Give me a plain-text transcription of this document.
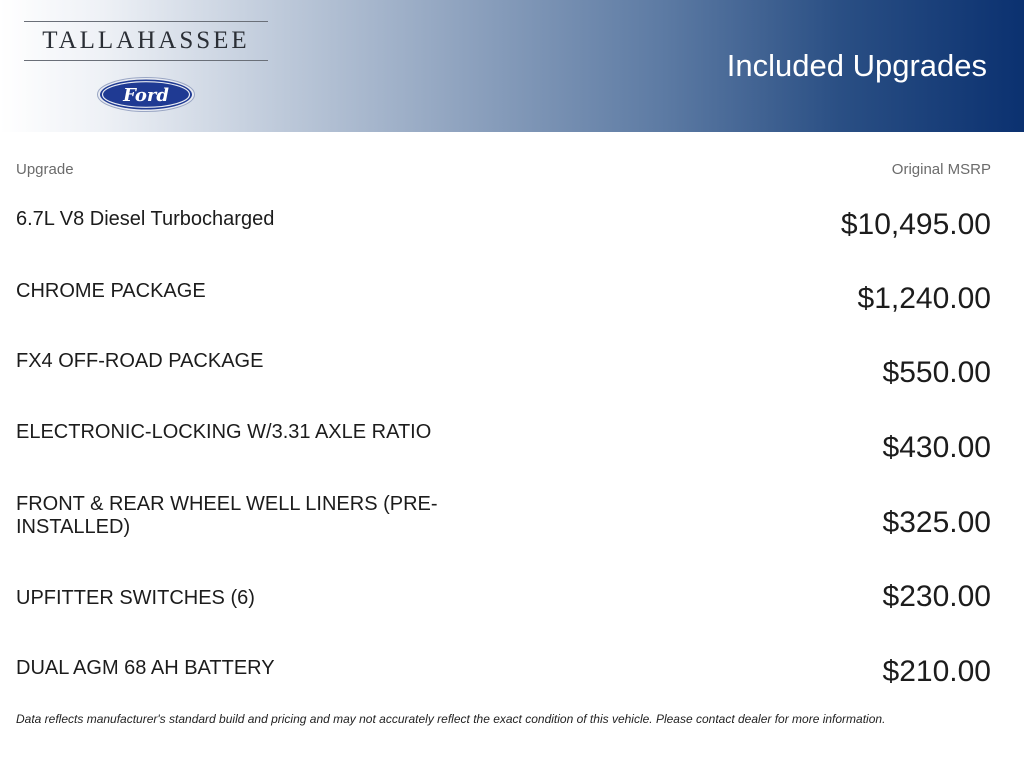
TALLAHASSEE
Ford
Included Upgrades
Upgrade	Original MSRP
6.7L V8 Diesel Turbocharged	$10,495.00
CHROME PACKAGE	$1,240.00
FX4 OFF-ROAD PACKAGE	$550.00
ELECTRONIC-LOCKING W/3.31 AXLE RATIO	$430.00
FRONT & REAR WHEEL WELL LINERS (PRE-INSTALLED)	$325.00
UPFITTER SWITCHES (6)	$230.00
DUAL AGM 68 AH BATTERY	$210.00
Data reflects manufacturer's standard build and pricing and may not accurately reflect the exact condition of this vehicle. Please contact dealer for more information.
